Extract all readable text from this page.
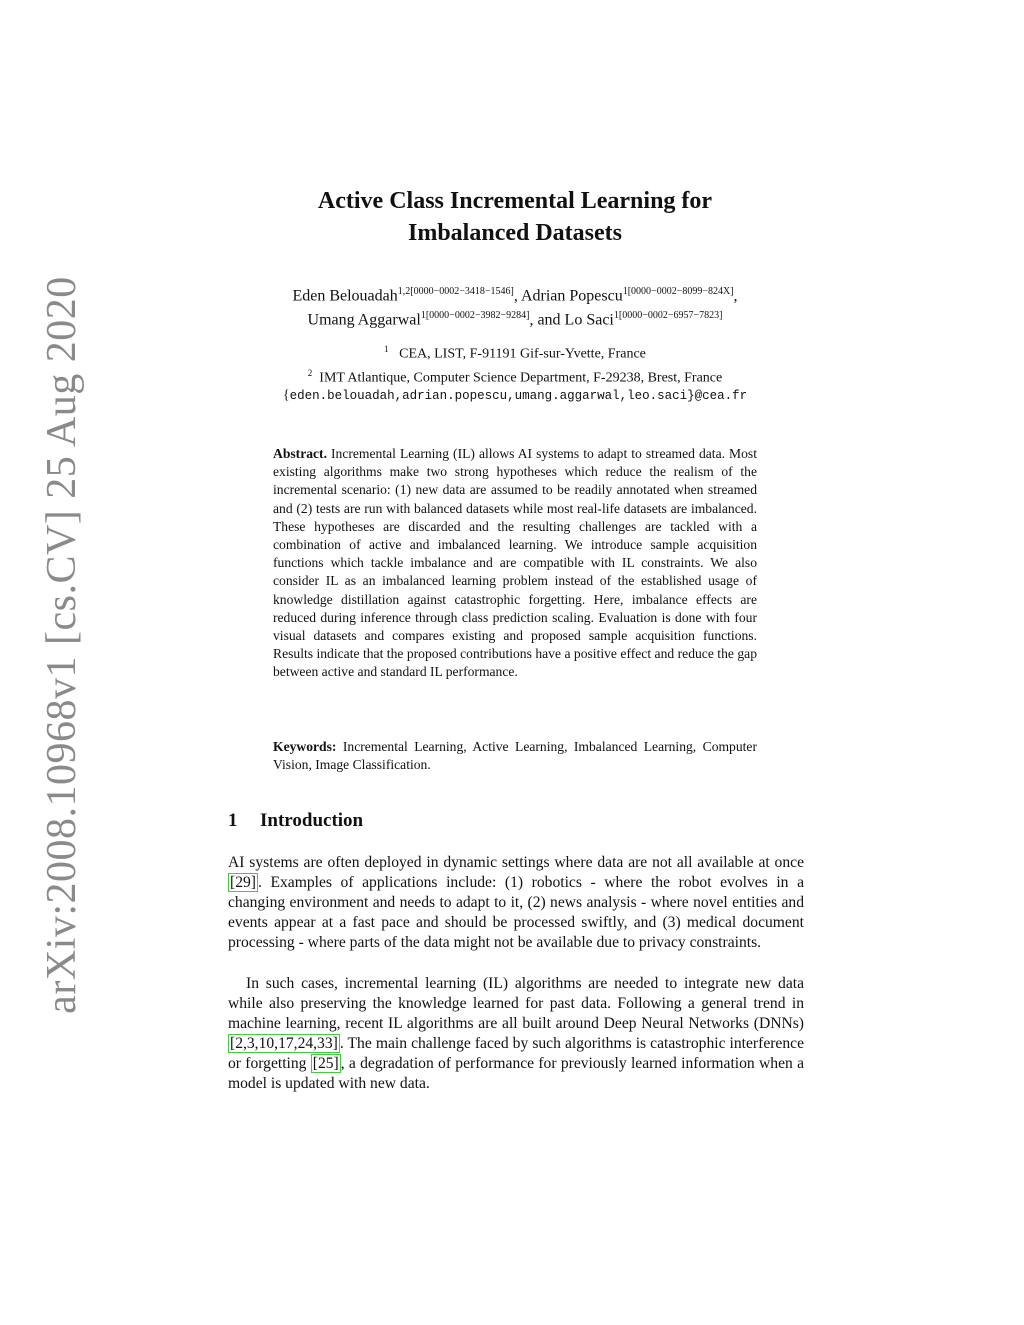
arXiv:2008.10968v1 [cs.CV] 25 Aug 2020
Active Class Incremental Learning for
Imbalanced Datasets
Eden Belouadah$^{1,2[0000-0002-3418-1546]}$, Adrian Popescu$^{1[0000-0002-8099-824X]}$,
Umang Aggarwal$^{1[0000-0002-3982-9284]}$, and Lo Saci$^{1[0000-0002-6957-7823]}$
$^1$ CEA, LIST, F-91191 Gif-sur-Yvette, France
$^2$ IMT Atlantique, Computer Science Department, F-29238, Brest, France
{eden.belouadah,adrian.popescu,umang.aggarwal,leo.saci}@cea.fr
Abstract. Incremental Learning (IL) allows AI systems to adapt to streamed data. Most existing algorithms make two strong hypotheses which reduce the realism of the incremental scenario: (1) new data are assumed to be readily annotated when streamed and (2) tests are run with balanced datasets while most real-life datasets are imbalanced. These hypotheses are discarded and the resulting challenges are tackled with a combination of active and imbalanced learning. We introduce sample acquisition functions which tackle imbalance and are compatible with IL constraints. We also consider IL as an imbalanced learning problem instead of the established usage of knowledge distillation against catastrophic forgetting. Here, imbalance effects are reduced during inference through class prediction scaling. Evaluation is done with four visual datasets and compares existing and proposed sample acquisition functions. Results indicate that the proposed contributions have a positive effect and reduce the gap between active and standard IL performance.
Keywords: Incremental Learning, Active Learning, Imbalanced Learning, Computer Vision, Image Classification.
1 Introduction
AI systems are often deployed in dynamic settings where data are not all available at once [29] . Examples of applications include: (1) robotics - where the robot evolves in a changing environment and needs to adapt to it, (2) news analysis - where novel entities and events appear at a fast pace and should be processed swiftly, and (3) medical document processing - where parts of the data might not be available due to privacy constraints.
In such cases, incremental learning (IL) algorithms are needed to integrate new data while also preserving the knowledge learned for past data. Following a general trend in machine learning, recent IL algorithms are all built around Deep Neural Networks (DNNs) [2,3,10,17,24,33] . The main challenge faced by such algorithms is catastrophic interference or forgetting [25] , a degradation of performance for previously learned information when a model is updated with new data.
